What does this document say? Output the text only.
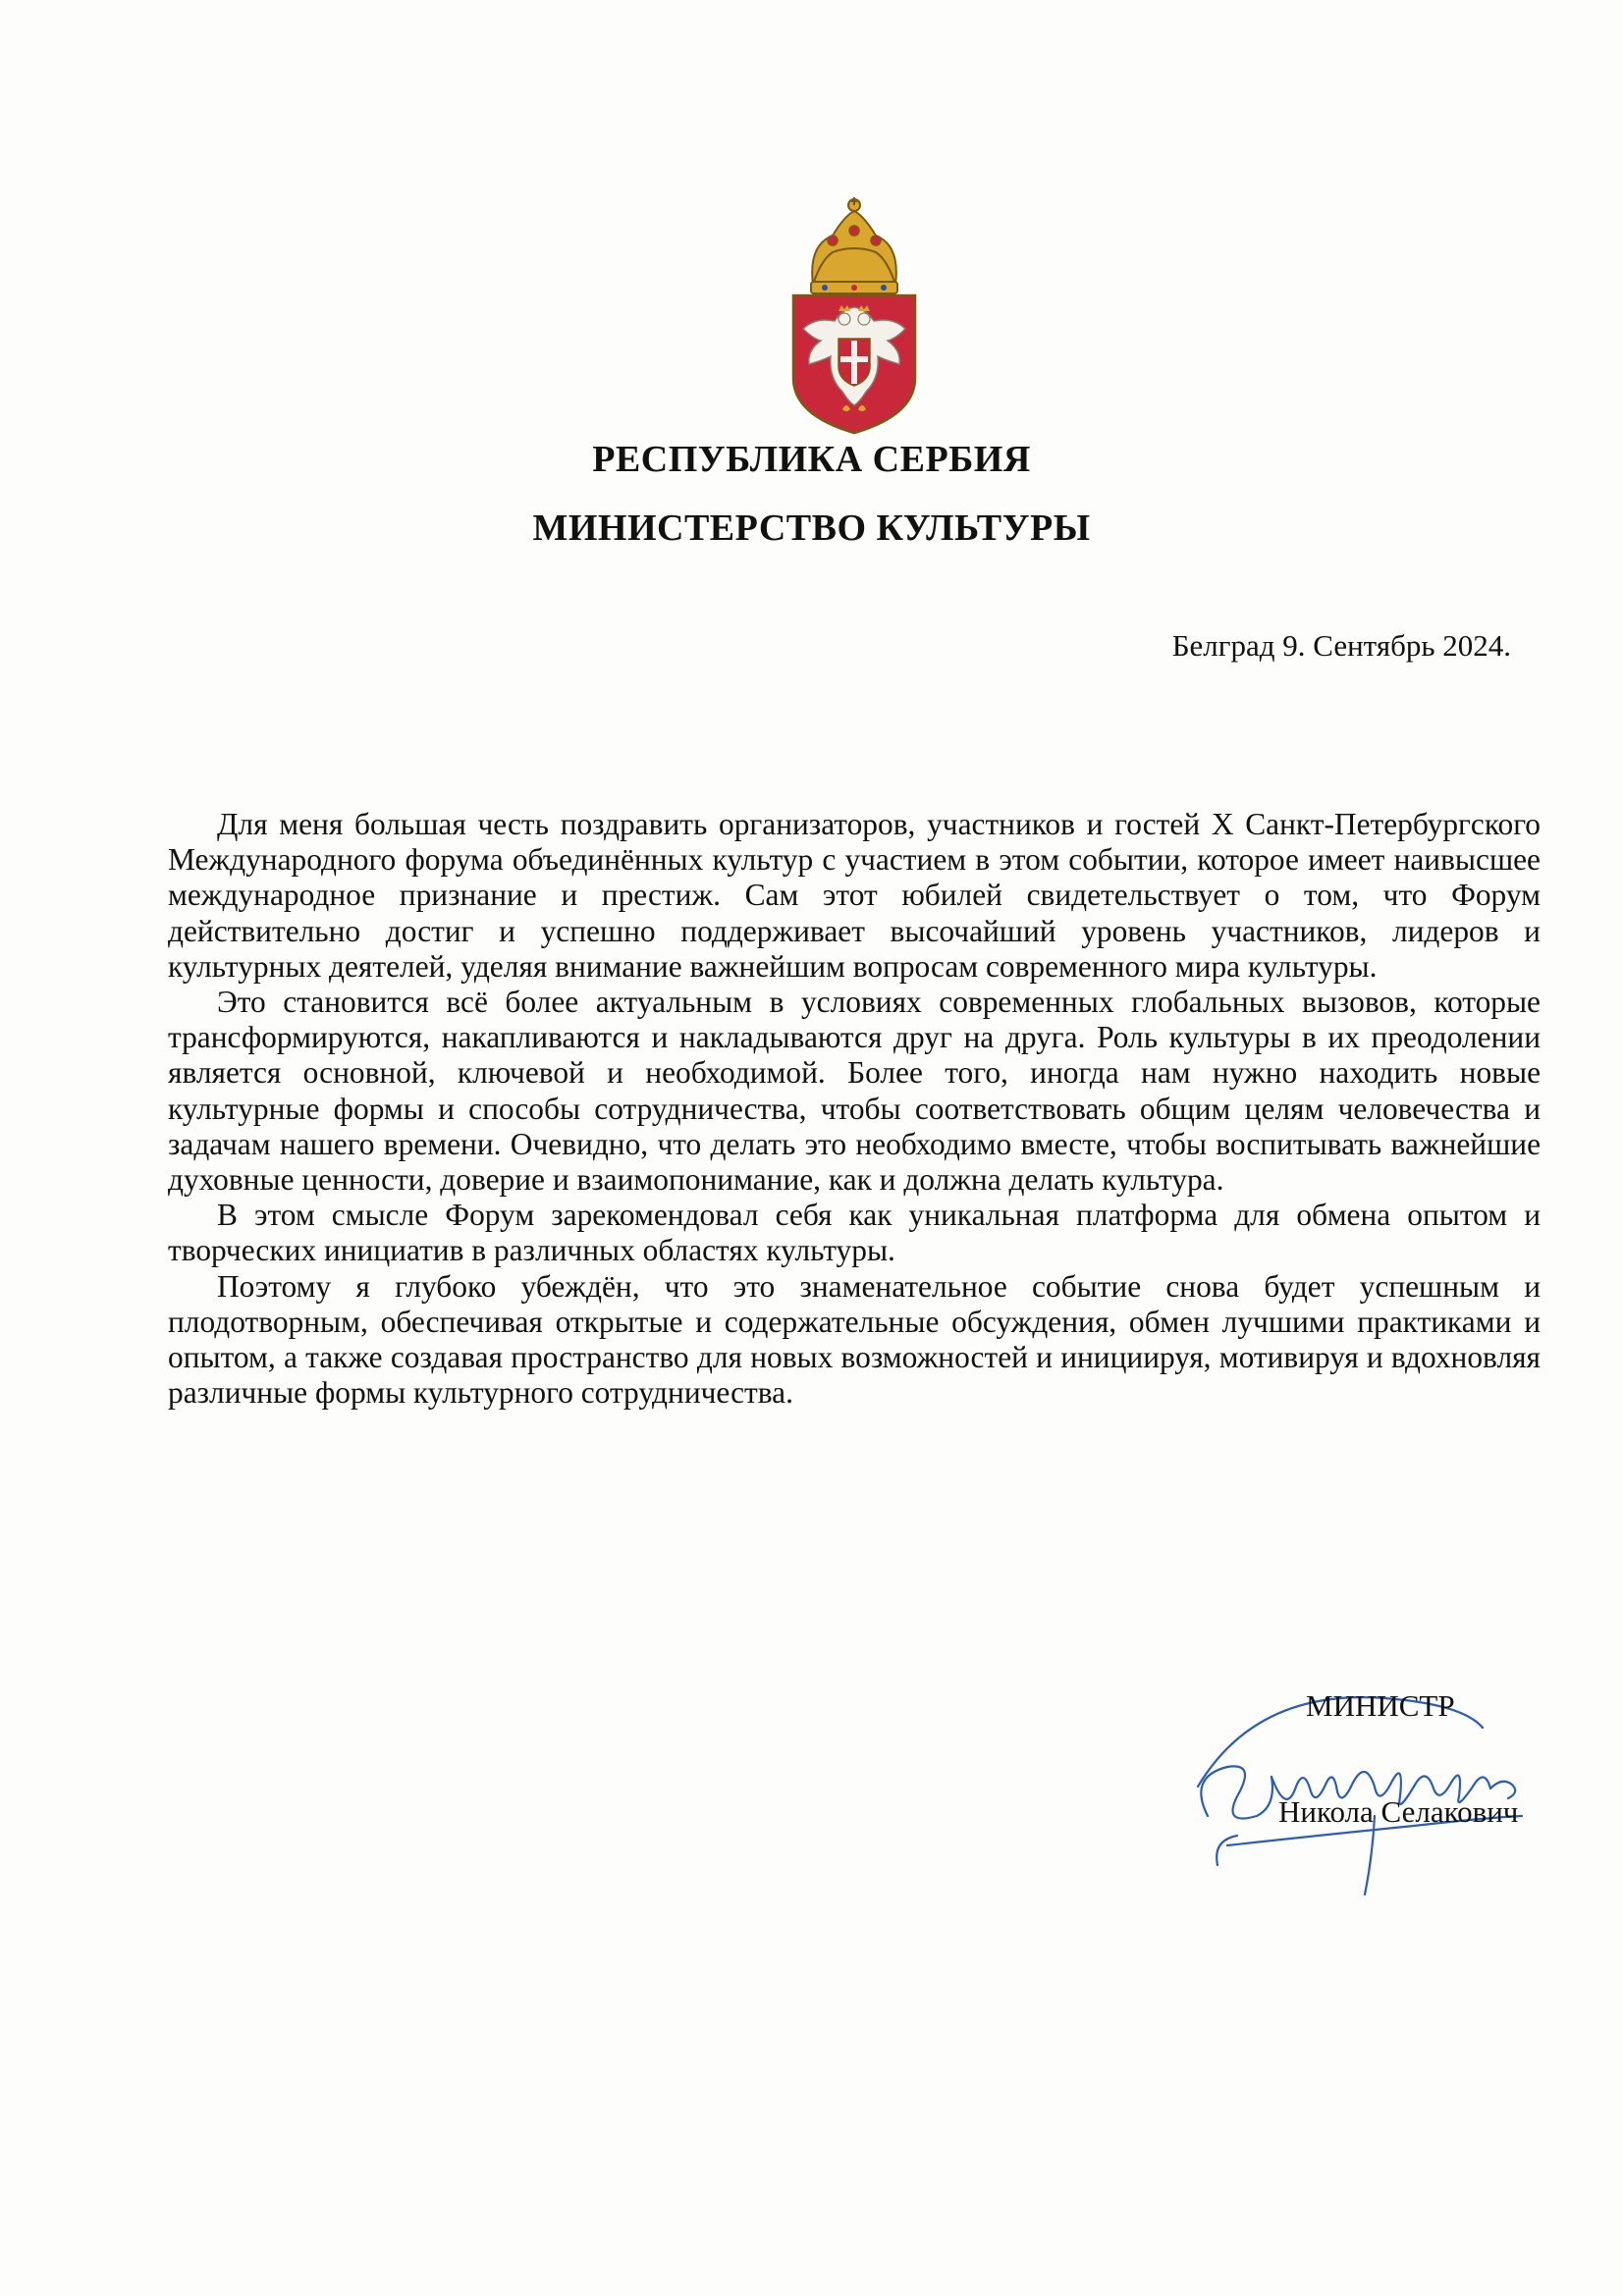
РЕСПУБЛИКА СЕРБИЯ
МИНИСТЕРСТВО КУЛЬТУРЫ
Белград 9. Сентябрь 2024.

Для меня большая честь поздравить организаторов, участников и гостей X Санкт-Петербургского Международного форума объединённых культур с участием в этом событии, которое имеет наивысшее международное признание и престиж. Сам этот юбилей свидетельствует о том, что Форум действительно достиг и успешно поддерживает высочайший уровень участников, лидеров и культурных деятелей, уделяя внимание важнейшим вопросам современного мира культуры.

Это становится всё более актуальным в условиях современных глобальных вызовов, которые трансформируются, накапливаются и накладываются друг на друга. Роль культуры в их преодолении является основной, ключевой и необходимой. Более того, иногда нам нужно находить новые культурные формы и способы сотрудничества, чтобы соответствовать общим целям человечества и задачам нашего времени. Очевидно, что делать это необходимо вместе, чтобы воспитывать важнейшие духовные ценности, доверие и взаимопонимание, как и должна делать культура.

В этом смысле Форум зарекомендовал себя как уникальная платформа для обмена опытом и творческих инициатив в различных областях культуры.

Поэтому я глубоко убеждён, что это знаменательное событие снова будет успешным и плодотворным, обеспечивая открытые и содержательные обсуждения, обмен лучшими практиками и опытом, а также создавая пространство для новых возможностей и инициируя, мотивируя и вдохновляя различные формы культурного сотрудничества.

МИНИСТР
Никола Селакович
